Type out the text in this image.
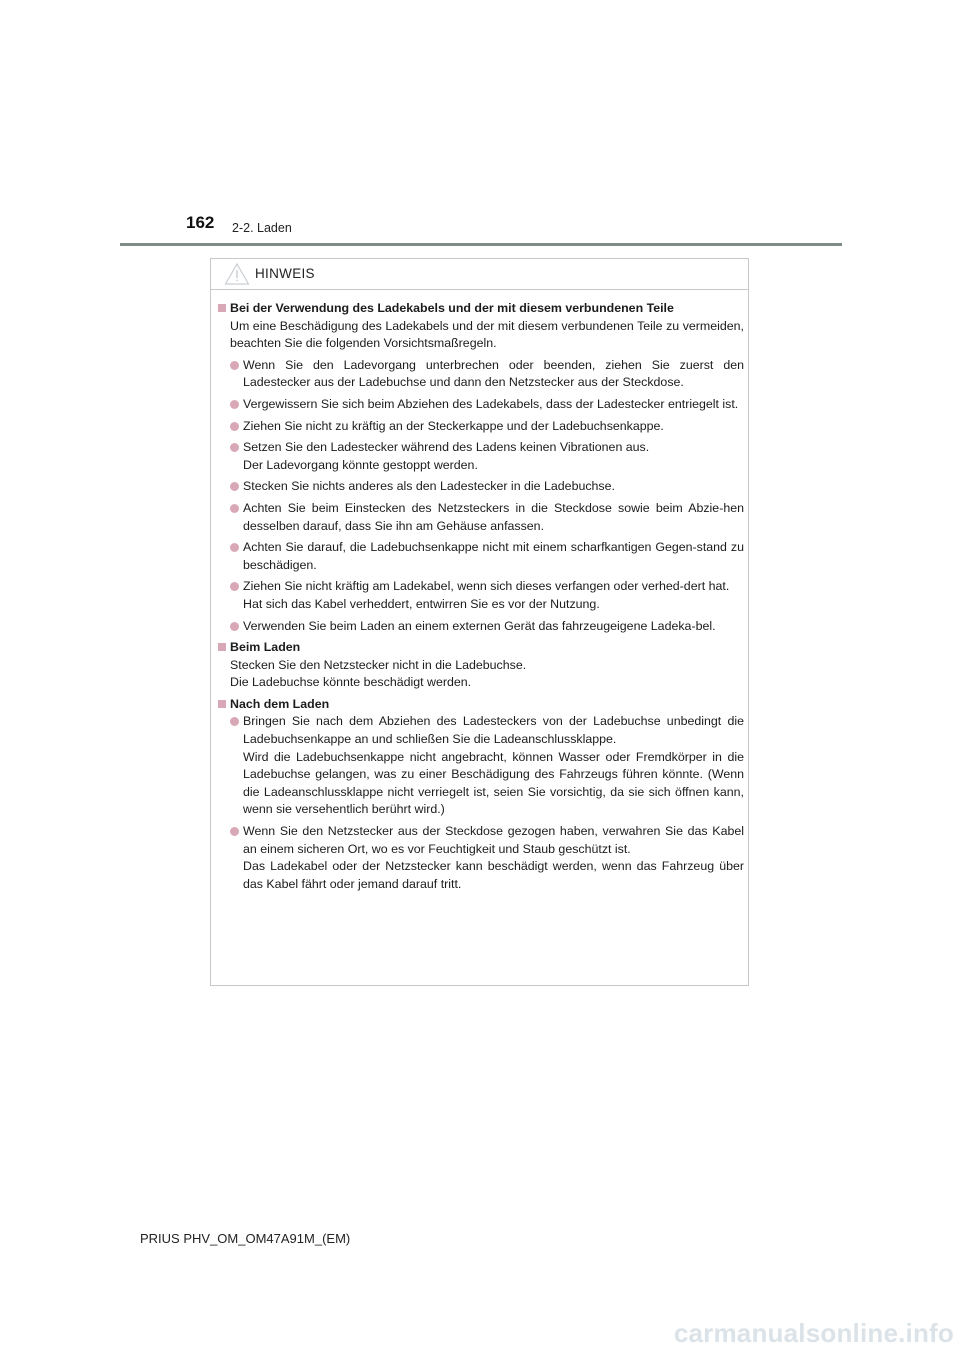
162 2-2. Laden
HINWEIS
Bei der Verwendung des Ladekabels und der mit diesem verbundenen Teile
Um eine Beschädigung des Ladekabels und der mit diesem verbundenen Teile zu vermeiden, beachten Sie die folgenden Vorsichtsmaßregeln.
Wenn Sie den Ladevorgang unterbrechen oder beenden, ziehen Sie zuerst den Ladestecker aus der Ladebuchse und dann den Netzstecker aus der Steckdose.
Vergewissern Sie sich beim Abziehen des Ladekabels, dass der Ladestecker entriegelt ist.
Ziehen Sie nicht zu kräftig an der Steckerkappe und der Ladebuchsenkappe.
Setzen Sie den Ladestecker während des Ladens keinen Vibrationen aus.
Der Ladevorgang könnte gestoppt werden.
Stecken Sie nichts anderes als den Ladestecker in die Ladebuchse.
Achten Sie beim Einstecken des Netzsteckers in die Steckdose sowie beim Abzie-hen desselben darauf, dass Sie ihn am Gehäuse anfassen.
Achten Sie darauf, die Ladebuchsenkappe nicht mit einem scharfkantigen Gegen-stand zu beschädigen.
Ziehen Sie nicht kräftig am Ladekabel, wenn sich dieses verfangen oder verhed-dert hat.
Hat sich das Kabel verheddert, entwirren Sie es vor der Nutzung.
Verwenden Sie beim Laden an einem externen Gerät das fahrzeugeigene Ladeka-bel.
Beim Laden
Stecken Sie den Netzstecker nicht in die Ladebuchse.
Die Ladebuchse könnte beschädigt werden.
Nach dem Laden
Bringen Sie nach dem Abziehen des Ladesteckers von der Ladebuchse unbedingt die Ladebuchsenkappe an und schließen Sie die Ladeanschlussklappe.
Wird die Ladebuchsenkappe nicht angebracht, können Wasser oder Fremdkörper in die Ladebuchse gelangen, was zu einer Beschädigung des Fahrzeugs führen könnte. (Wenn die Ladeanschlussklappe nicht verriegelt ist, seien Sie vorsichtig, da sie sich öffnen kann, wenn sie versehentlich berührt wird.)
Wenn Sie den Netzstecker aus der Steckdose gezogen haben, verwahren Sie das Kabel an einem sicheren Ort, wo es vor Feuchtigkeit und Staub geschützt ist.
Das Ladekabel oder der Netzstecker kann beschädigt werden, wenn das Fahrzeug über das Kabel fährt oder jemand darauf tritt.
PRIUS PHV_OM_OM47A91M_(EM)
carmanualsonline.info
